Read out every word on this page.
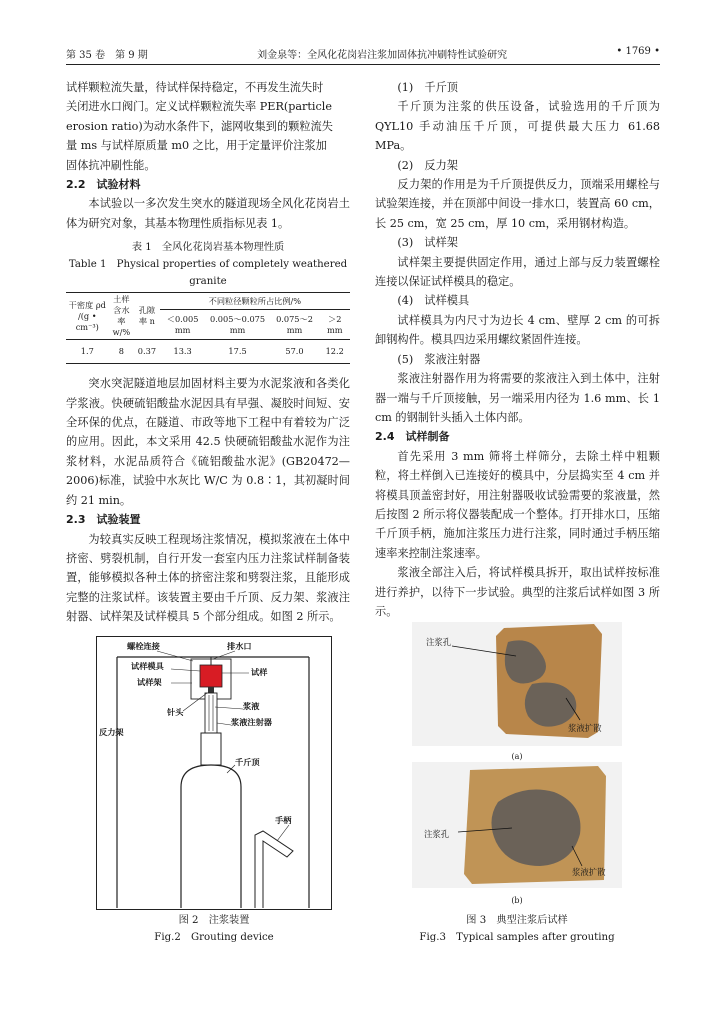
第 35 卷　第 9 期	刘金泉等：全风化花岗岩注浆加固体抗冲刷特性试验研究	• 1769 •

试样颗粒流失量，待试样保持稳定，不再发生流失时

关闭进水口阀门。定义试样颗粒流失率 PER(particle

erosion ratio)为动水条件下，滤网收集到的颗粒流失

量 ms 与试样原质量 m0 之比，用于定量评价注浆加

固体抗冲刷性能。

2.2　试验材料

本试验以一多次发生突水的隧道现场全风化花岗岩土体为研究对象，其基本物理性质指标见表 1。

表 1　全风化花岗岩基本物理性质
Table 1　Physical properties of completely weathered granite
干密度 ρd /(g • cm⁻³)	土样含水率 w/%	孔隙率 n	不同粒径颗粒所占比例/%			
			＜0.005 mm	0.005～0.075 mm	0.075～2 mm	＞2 mm
1.7	8	0.37	13.3	17.5	57.0	12.2

突水突泥隧道地层加固材料主要为水泥浆液和各类化学浆液。快硬硫铝酸盐水泥因具有早强、凝胶时间短、安全环保的优点，在隧道、市政等地下工程中有着较为广泛的应用。因此，本文采用 42.5 快硬硫铝酸盐水泥作为注浆材料，水泥品质符合《硫铝酸盐水泥》(GB20472—2006)标准，试验中水灰比 W/C 为 0.8∶1，其初凝时间约 21 min。

2.3　试验装置

为较真实反映工程现场注浆情况，模拟浆液在土体中挤密、劈裂机制，自行开发一套室内压力注浆试样制备装置，能够模拟各种土体的挤密注浆和劈裂注浆，且能形成完整的注浆试样。该装置主要由千斤顶、反力架、浆液注射器、试样架及试样模具 5 个部分组成。如图 2 所示。

(1)　千斤顶

千斤顶为注浆的供压设备，试验选用的千斤顶为 QYL10 手动油压千斤顶，可提供最大压力 61.68 MPa。

(2)　反力架

反力架的作用是为千斤顶提供反力，顶端采用螺栓与试验架连接，并在顶部中间设一排水口，装置高 60 cm，长 25 cm，宽 25 cm，厚 10 cm，采用钢材构造。

(3)　试样架

试样架主要提供固定作用，通过上部与反力装置螺栓连接以保证试样模具的稳定。

(4)　试样模具

试样模具为内尺寸为边长 4 cm、壁厚 2 cm 的可拆卸钢构件。模具四边采用螺纹紧固件连接。

(5)　浆液注射器

浆液注射器作用为将需要的浆液注入到土体中，注射器一端与千斤顶接触，另一端采用内径为 1.6 mm、长 1 cm 的钢制针头插入土体内部。

2.4　试样制备

首先采用 3 mm 筛将土样筛分，去除土样中粗颗粒，将土样倒入已连接好的模具中，分层捣实至 4 cm 并将模具顶盖密封好，用注射器吸收试验需要的浆液量，然后按图 2 所示将仪器装配成一个整体。打开排水口，压缩千斤顶手柄，施加注浆压力进行注浆，同时通过手柄压缩速率来控制注浆速率。

浆液全部注入后，将试样模具拆开，取出试样按标准进行养护，以待下一步试验。典型的注浆后试样如图 3 所示。

螺栓连接	排水口
试样模具
试样
试样架
浆液
针头
浆液注射器
反力架
千斤顶
手柄
图 2　注浆装置
Fig.2　Grouting device
注浆孔
浆液扩散
(a)
注浆孔
浆液扩散
(b)
图 3　典型注浆后试样
Fig.3　Typical samples after grouting
